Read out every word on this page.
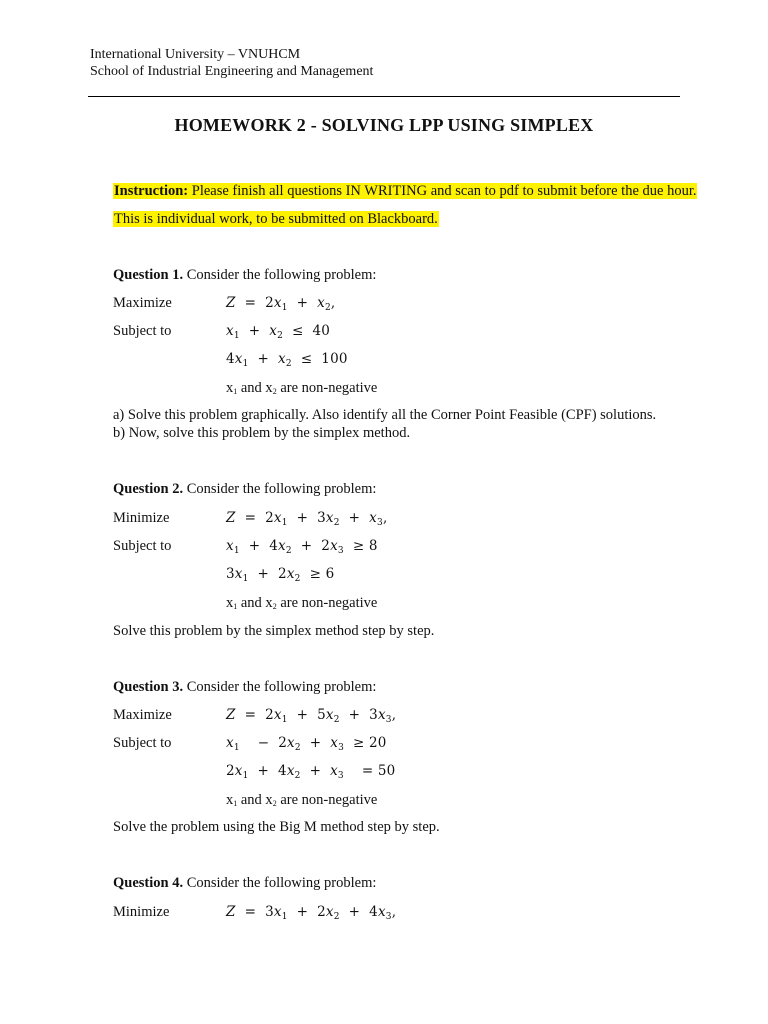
International University – VNUHCM
School of Industrial Engineering and Management
HOMEWORK 2 - SOLVING LPP USING SIMPLEX
Instruction: Please finish all questions IN WRITING and scan to pdf to submit before the due hour.
This is individual work, to be submitted on Blackboard.
Question 1. Consider the following problem:
Maximize	$Z = 2x_1 + x_2$,
Subject to	$x_1 + x_2 \le 40$
$4x_1 + x_2 \le 100$
x1 and x2 are non-negative
a) Solve this problem graphically. Also identify all the Corner Point Feasible (CPF) solutions.
b) Now, solve this problem by the simplex method.
Question 2. Consider the following problem:
Minimize	$Z = 2x_1 + 3x_2 + x_3$,
Subject to	$x_1 + 4x_2 + 2x_3 \ge 8$
$3x_1 + 2x_2 \ge 6$
x1 and x2 are non-negative
Solve this problem by the simplex method step by step.
Question 3. Consider the following problem:
Maximize	$Z = 2x_1 + 5x_2 + 3x_3$,
Subject to	$x_1$    −  $2x_2 + x_3 \ge 20$
$2x_1 + 4x_2 + x_3$    = 50
x1 and x2 are non-negative
Solve the problem using the Big M method step by step.
Question 4. Consider the following problem:
Minimize	$Z = 3x_1 + 2x_2 + 4x_3$,
